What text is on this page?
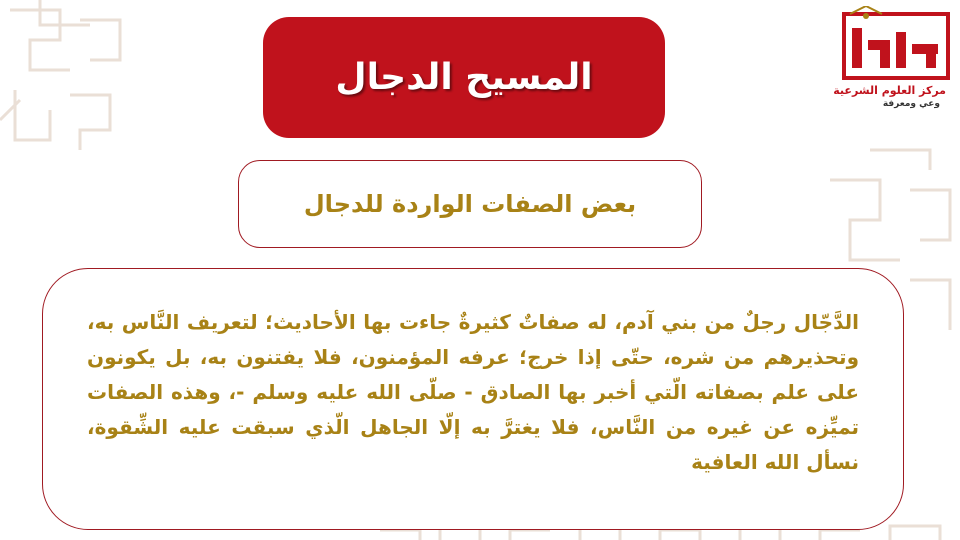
مركز العلوم الشرعية
وعي ومعرفة
المسيح الدجال
بعض الصفات الواردة للدجال

الدَّجّال رجلٌ من بني آدم، له صفاتٌ كثيرةٌ جاءت بها الأحاديث؛ لتعريف النَّاس به، وتحذيرهم من شره، حتّى إذا خرج؛ عرفه المؤمنون، فلا يفتنون به، بل يكونون على علم بصفاته الّتي أخبر بها الصادق - صلّى الله عليه وسلم -، وهذه الصفات تميِّزه عن غيره من النَّاس، فلا يغترَّ به إلّا الجاهل الّذي سبقت عليه الشِّقوة، نسأل الله العافية
